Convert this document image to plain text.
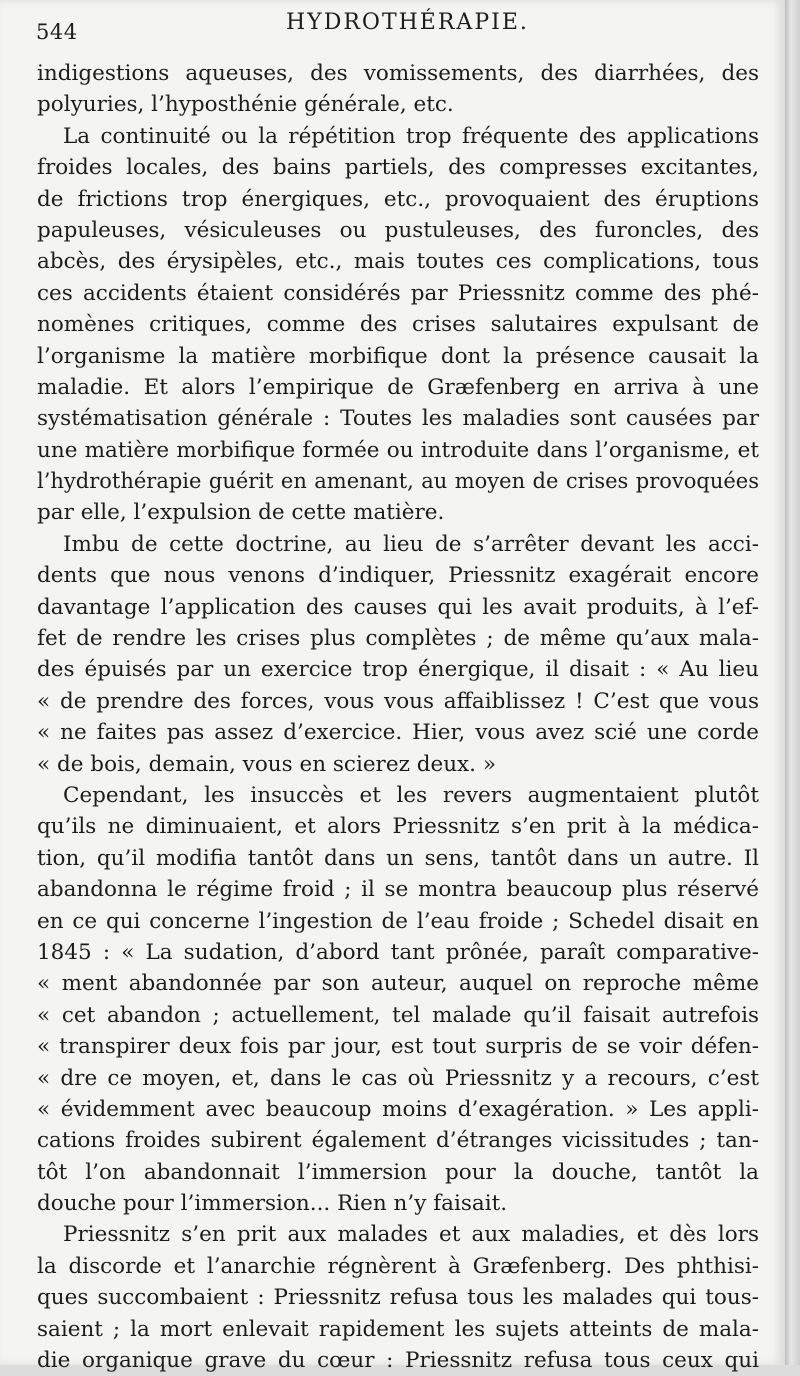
544	HYDROTHÉRAPIE.
indigestions aqueuses, des vomissements, des diarrhées, des
polyuries, l’hyposthénie générale, etc.
La continuité ou la répétition trop fréquente des applications
froides locales, des bains partiels, des compresses excitantes,
de frictions trop énergiques, etc., provoquaient des éruptions
papuleuses, vésiculeuses ou pustuleuses, des furoncles, des
abcès, des érysipèles, etc., mais toutes ces complications, tous
ces accidents étaient considérés par Priessnitz comme des phé-
nomènes critiques, comme des crises salutaires expulsant de
l’organisme la matière morbifique dont la présence causait la
maladie. Et alors l’empirique de Græfenberg en arriva à une
systématisation générale : Toutes les maladies sont causées par
une matière morbifique formée ou introduite dans l’organisme, et
l’hydrothérapie guérit en amenant, au moyen de crises provoquées
par elle, l’expulsion de cette matière.
Imbu de cette doctrine, au lieu de s’arrêter devant les acci-
dents que nous venons d’indiquer, Priessnitz exagérait encore
davantage l’application des causes qui les avait produits, à l’ef-
fet de rendre les crises plus complètes ; de même qu’aux mala-
des épuisés par un exercice trop énergique, il disait : « Au lieu
« de prendre des forces, vous vous affaiblissez ! C’est que vous
« ne faites pas assez d’exercice. Hier, vous avez scié une corde
« de bois, demain, vous en scierez deux. »
Cependant, les insuccès et les revers augmentaient plutôt
qu’ils ne diminuaient, et alors Priessnitz s’en prit à la médica-
tion, qu’il modifia tantôt dans un sens, tantôt dans un autre. Il
abandonna le régime froid ; il se montra beaucoup plus réservé
en ce qui concerne l’ingestion de l’eau froide ; Schedel disait en
1845 : « La sudation, d’abord tant prônée, paraît comparative-
« ment abandonnée par son auteur, auquel on reproche même
« cet abandon ; actuellement, tel malade qu’il faisait autrefois
« transpirer deux fois par jour, est tout surpris de se voir défen-
« dre ce moyen, et, dans le cas où Priessnitz y a recours, c’est
« évidemment avec beaucoup moins d’exagération. » Les appli-
cations froides subirent également d’étranges vicissitudes ; tan-
tôt l’on abandonnait l’immersion pour la douche, tantôt la
douche pour l’immersion... Rien n’y faisait.
Priessnitz s’en prit aux malades et aux maladies, et dès lors
la discorde et l’anarchie régnèrent à Græfenberg. Des phthisi-
ques succombaient : Priessnitz refusa tous les malades qui tous-
saient ; la mort enlevait rapidement les sujets atteints de mala-
die organique grave du cœur : Priessnitz refusa tous ceux qui
